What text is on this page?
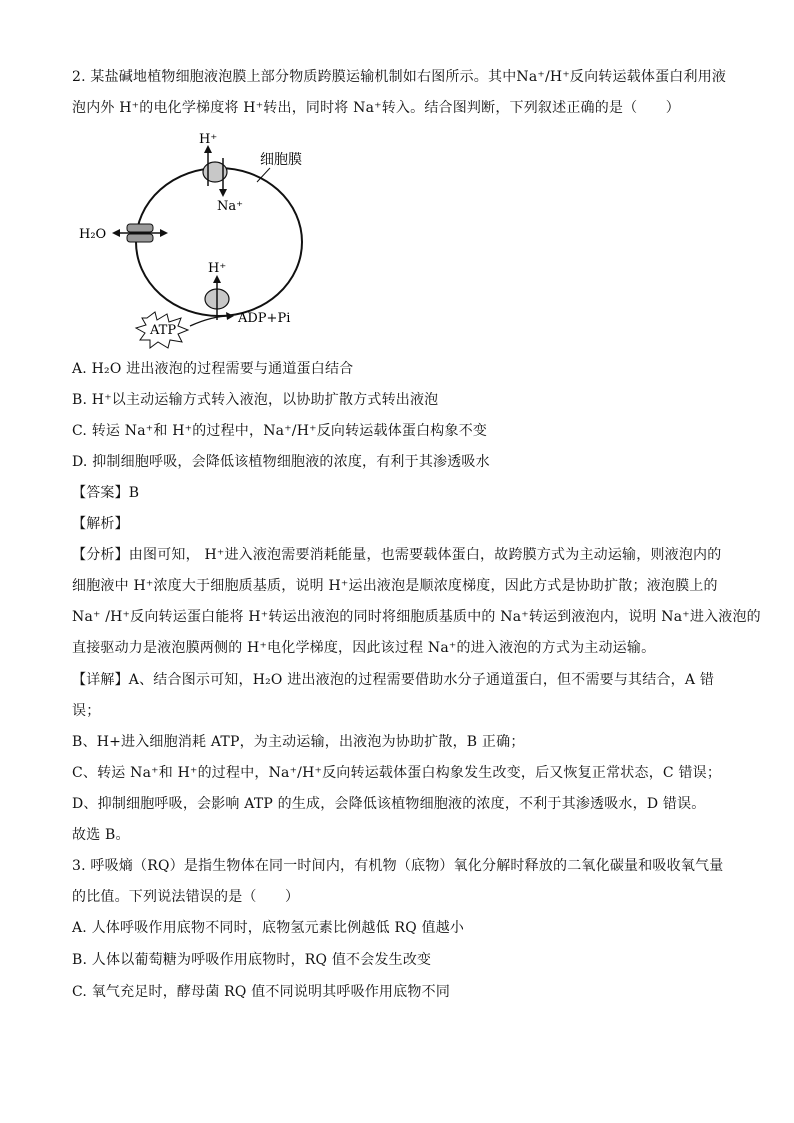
2. 某盐碱地植物细胞液泡膜上部分物质跨膜运输机制如右图所示。其中Na⁺/H⁺反向转运载体蛋白利用液
泡内外 H⁺的电化学梯度将 H⁺转出，同时将 Na⁺转入。结合图判断，下列叙述正确的是（　　）
H⁺
Na⁺
细胞膜
H₂O
H⁺
ATP
ADP+Pi
A. H₂O 进出液泡的过程需要与通道蛋白结合
B. H⁺以主动运输方式转入液泡，以协助扩散方式转出液泡
C. 转运 Na⁺和 H⁺的过程中，Na⁺/H⁺反向转运载体蛋白构象不变
D. 抑制细胞呼吸，会降低该植物细胞液的浓度，有利于其渗透吸水
【答案】B
【解析】
【分析】由图可知， H⁺进入液泡需要消耗能量，也需要载体蛋白，故跨膜方式为主动运输，则液泡内的
细胞液中 H⁺浓度大于细胞质基质，说明 H⁺运出液泡是顺浓度梯度，因此方式是协助扩散；液泡膜上的
Na⁺ /H⁺反向转运蛋白能将 H⁺转运出液泡的同时将细胞质基质中的 Na⁺转运到液泡内，说明 Na⁺进入液泡的
直接驱动力是液泡膜两侧的 H⁺电化学梯度，因此该过程 Na⁺的进入液泡的方式为主动运输。
【详解】A、结合图示可知，H₂O 进出液泡的过程需要借助水分子通道蛋白，但不需要与其结合，A 错
误；
B、H+进入细胞消耗 ATP，为主动运输，出液泡为协助扩散，B 正确；
C、转运 Na⁺和 H⁺的过程中，Na⁺/H⁺反向转运载体蛋白构象发生改变，后又恢复正常状态，C 错误；
D、抑制细胞呼吸，会影响 ATP 的生成，会降低该植物细胞液的浓度，不利于其渗透吸水，D 错误。
故选 B。
3. 呼吸熵（RQ）是指生物体在同一时间内，有机物（底物）氧化分解时释放的二氧化碳量和吸收氧气量
的比值。下列说法错误的是（　　）
A. 人体呼吸作用底物不同时，底物氢元素比例越低 RQ 值越小
B. 人体以葡萄糖为呼吸作用底物时，RQ 值不会发生改变
C. 氧气充足时，酵母菌 RQ 值不同说明其呼吸作用底物不同
